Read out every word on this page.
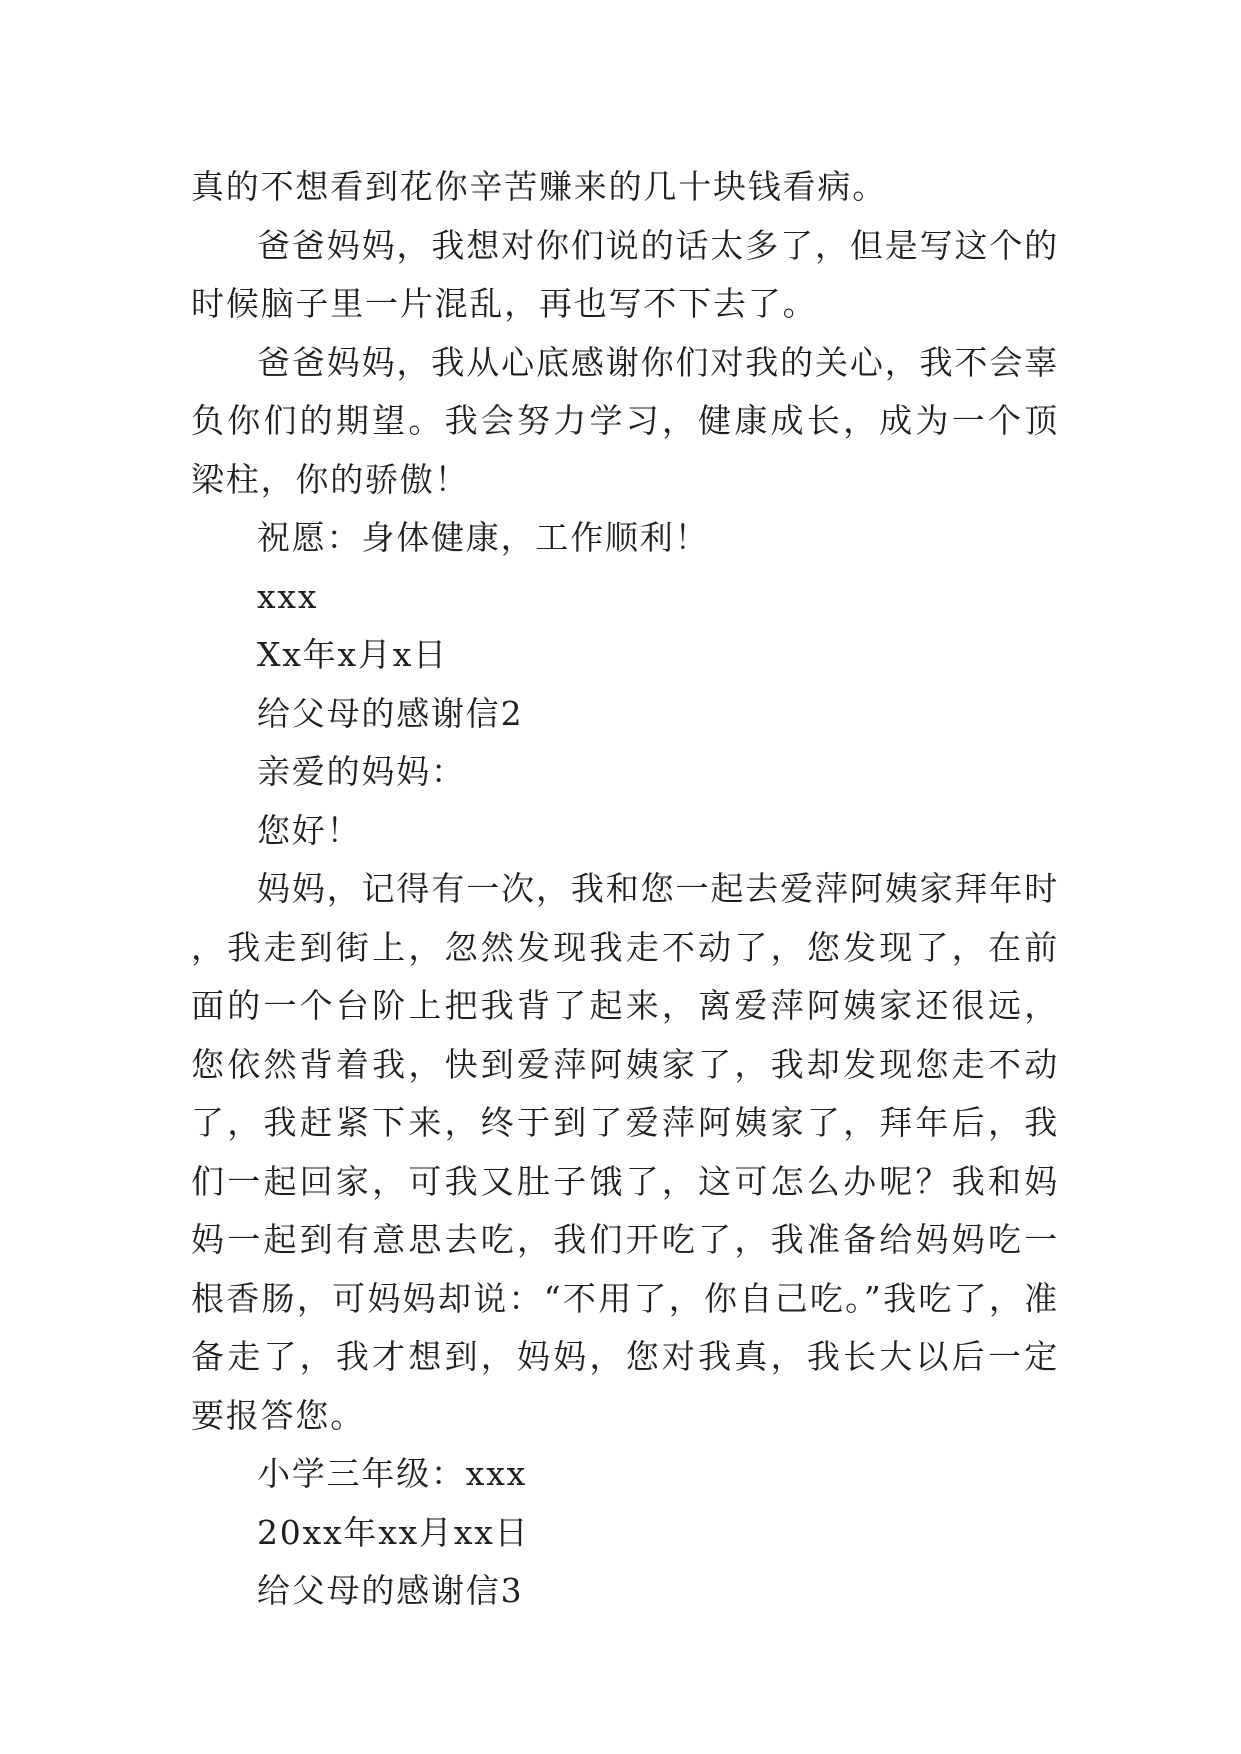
真的不想看到花你辛苦赚来的几十块钱看病。

爸爸妈妈，我想对你们说的话太多了，但是写这个的时候脑子里一片混乱，再也写不下去了。

爸爸妈妈，我从心底感谢你们对我的关心，我不会辜负你们的期望。我会努力学习，健康成长，成为一个顶梁柱，你的骄傲！

祝愿：身体健康，工作顺利！

xxx

Xx年x月x日

给父母的感谢信2

亲爱的妈妈：

您好！

妈妈，记得有一次，我和您一起去爱萍阿姨家拜年时，我走到街上，忽然发现我走不动了，您发现了，在前面的一个台阶上把我背了起来，离爱萍阿姨家还很远，您依然背着我，快到爱萍阿姨家了，我却发现您走不动了，我赶紧下来，终于到了爱萍阿姨家了，拜年后，我们一起回家，可我又肚子饿了，这可怎么办呢？我和妈妈一起到有意思去吃，我们开吃了，我准备给妈妈吃一根香肠，可妈妈却说：“不用了，你自己吃。”我吃了，准备走了，我才想到，妈妈，您对我真，我长大以后一定要报答您。

小学三年级：xxx

20xx年xx月xx日

给父母的感谢信3
